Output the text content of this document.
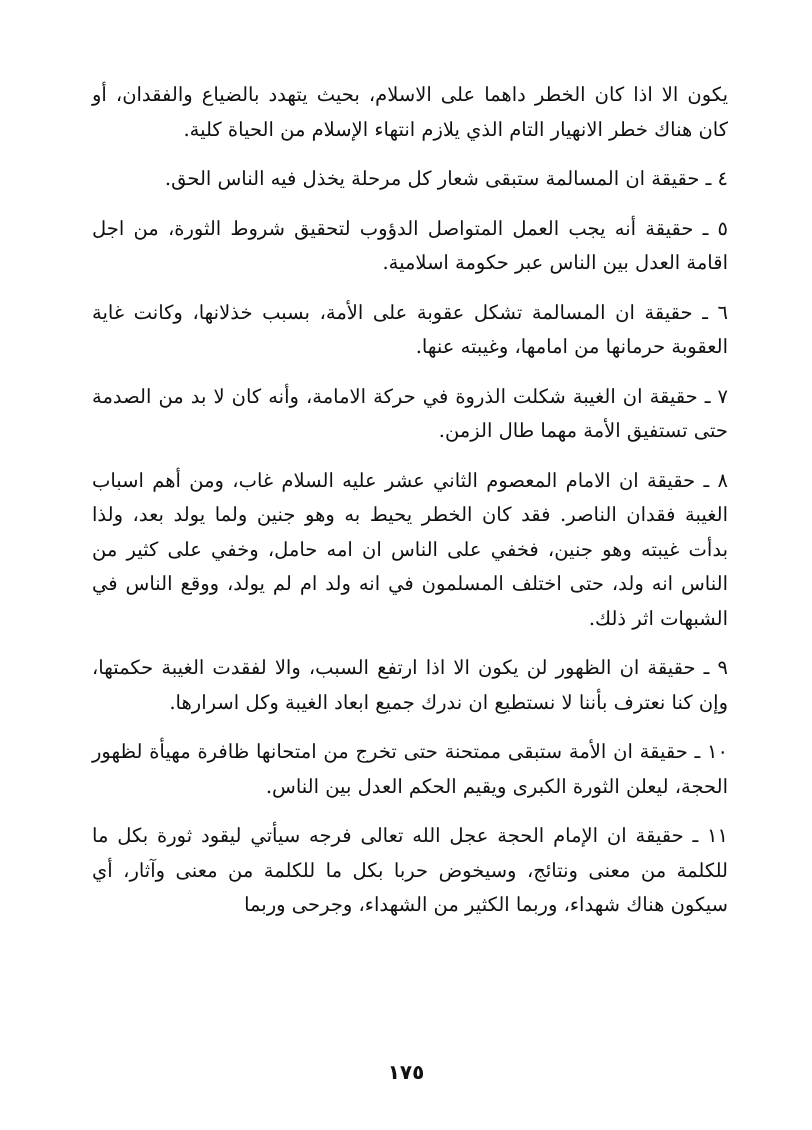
يكون الا اذا كان الخطر داهما على الاسلام، بحيث يتهدد بالضياع والفقدان، أو كان هناك خطر الانهيار التام الذي يلازم انتهاء الإسلام من الحياة كلية.

٤ ـ حقيقة ان المسالمة ستبقى شعار كل مرحلة يخذل فيه الناس الحق.

٥ ـ حقيقة أنه يجب العمل المتواصل الدؤوب لتحقيق شروط الثورة، من اجل اقامة العدل بين الناس عبر حكومة اسلامية.

٦ ـ حقيقة ان المسالمة تشكل عقوبة على الأمة، بسبب خذلانها، وكانت غاية العقوبة حرمانها من امامها، وغيبته عنها.

٧ ـ حقيقة ان الغيبة شكلت الذروة في حركة الامامة، وأنه كان لا بد من الصدمة حتى تستفيق الأمة مهما طال الزمن.

٨ ـ حقيقة ان الامام المعصوم الثاني عشر عليه السلام غاب، ومن أهم اسباب الغيبة فقدان الناصر. فقد كان الخطر يحيط به وهو جنين ولما يولد بعد، ولذا بدأت غيبته وهو جنين، فخفي على الناس ان امه حامل، وخفي على كثير من الناس انه ولد، حتى اختلف المسلمون في انه ولد ام لم يولد، ووقع الناس في الشبهات اثر ذلك.

٩ ـ حقيقة ان الظهور لن يكون الا اذا ارتفع السبب، والا لفقدت الغيبة حكمتها، وإن كنا نعترف بأننا لا نستطيع ان ندرك جميع ابعاد الغيبة وكل اسرارها.

١٠ ـ حقيقة ان الأمة ستبقى ممتحنة حتى تخرج من امتحانها ظافرة مهيأة لظهور الحجة، ليعلن الثورة الكبرى ويقيم الحكم العدل بين الناس.

١١ ـ حقيقة ان الإمام الحجة عجل الله تعالى فرجه سيأتي ليقود ثورة بكل ما للكلمة من معنى ونتائج، وسيخوض حربا بكل ما للكلمة من معنى وآثار، أي سيكون هناك شهداء، وربما الكثير من الشهداء، وجرحى وربما

١٧٥
